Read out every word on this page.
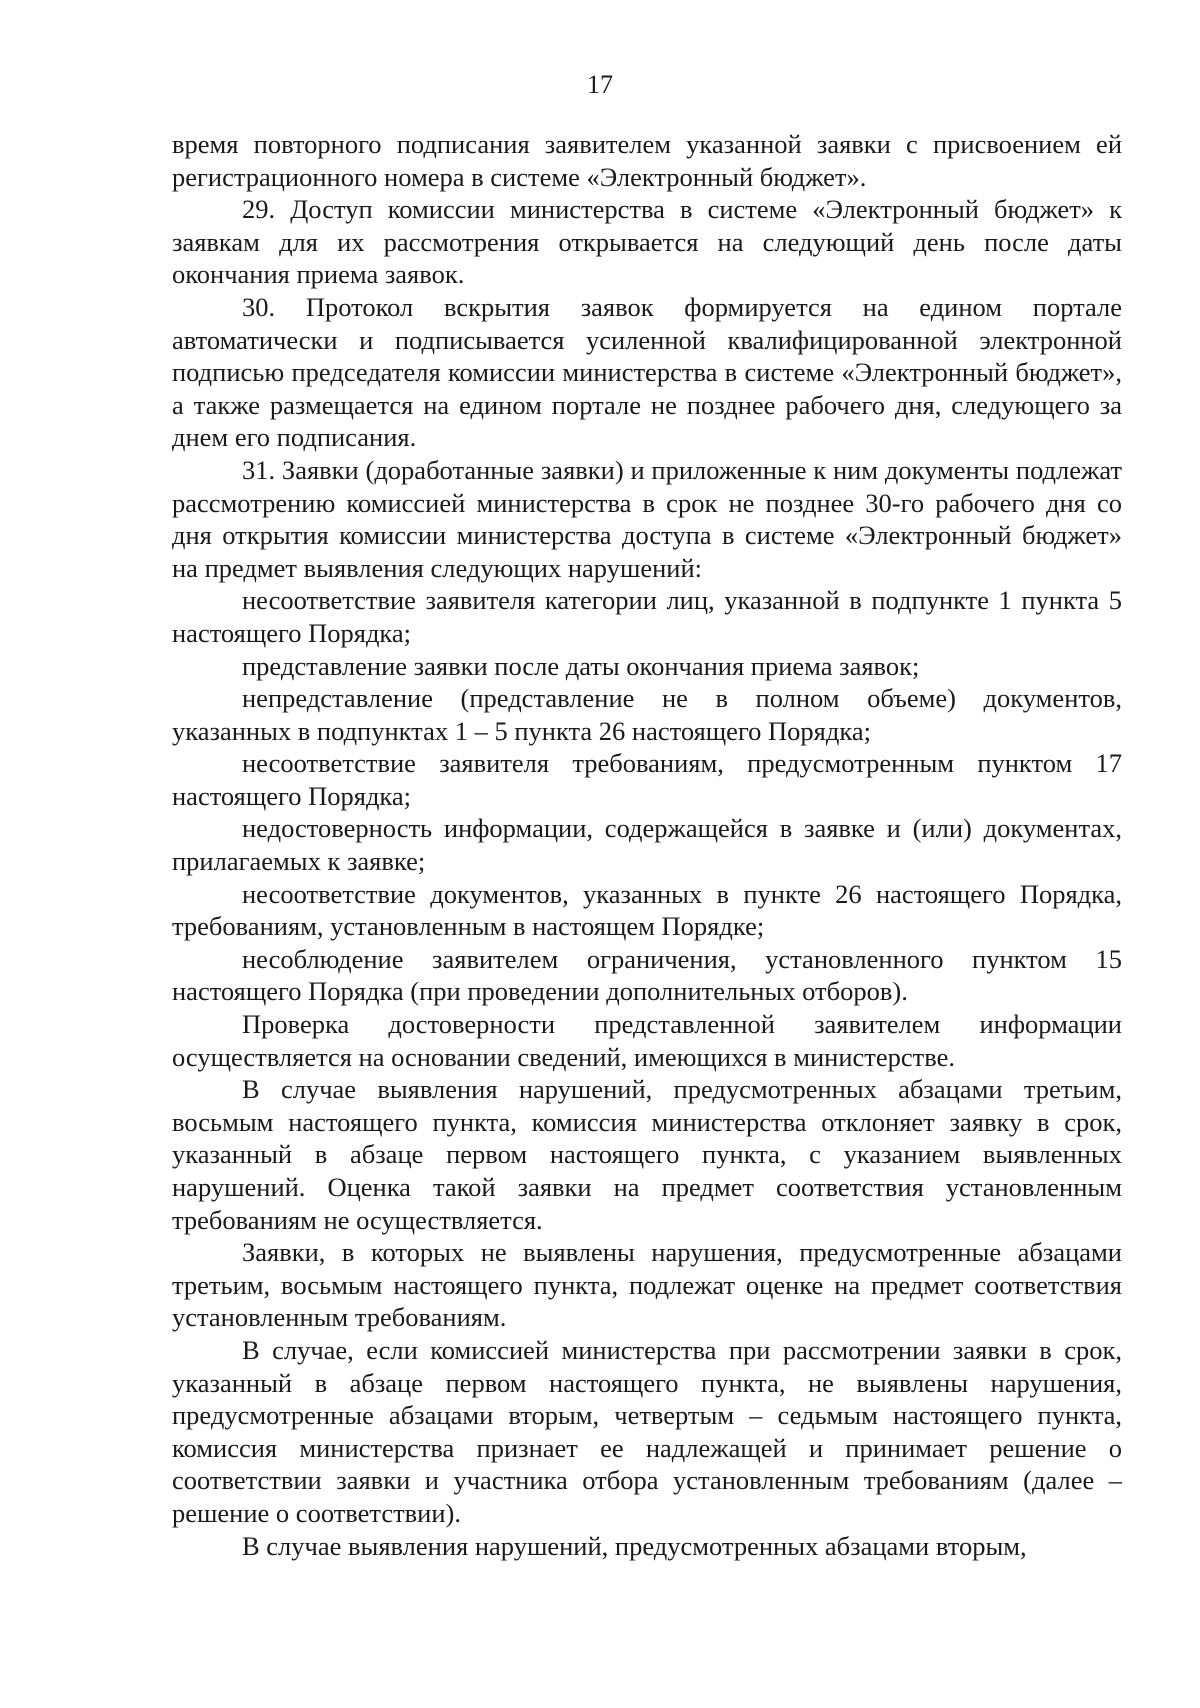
17

время повторного подписания заявителем указанной заявки с присвоением ей регистрационного номера в системе «Электронный бюджет».

29. Доступ комиссии министерства в системе «Электронный бюджет» к заявкам для их рассмотрения открывается на следующий день после даты окончания приема заявок.

30. Протокол вскрытия заявок формируется на едином портале автоматически и подписывается усиленной квалифицированной электронной подписью председателя комиссии министерства в системе «Электронный бюджет», а также размещается на едином портале не позднее рабочего дня, следующего за днем его подписания.

31. Заявки (доработанные заявки) и приложенные к ним документы подлежат рассмотрению комиссией министерства в срок не позднее 30-го рабочего дня со дня открытия комиссии министерства доступа в системе «Электронный бюджет» на предмет выявления следующих нарушений:

несоответствие заявителя категории лиц, указанной в подпункте 1 пункта 5 настоящего Порядка;

представление заявки после даты окончания приема заявок;

непредставление (представление не в полном объеме) документов, указанных в подпунктах 1 – 5 пункта 26 настоящего Порядка;

несоответствие заявителя требованиям, предусмотренным пунктом 17 настоящего Порядка;

недостоверность информации, содержащейся в заявке и (или) документах, прилагаемых к заявке;

несоответствие документов, указанных в пункте 26 настоящего Порядка, требованиям, установленным в настоящем Порядке;

несоблюдение заявителем ограничения, установленного пунктом 15 настоящего Порядка (при проведении дополнительных отборов).

Проверка достоверности представленной заявителем информации осуществляется на основании сведений, имеющихся в министерстве.

В случае выявления нарушений, предусмотренных абзацами третьим, восьмым настоящего пункта, комиссия министерства отклоняет заявку в срок, указанный в абзаце первом настоящего пункта, с указанием выявленных нарушений. Оценка такой заявки на предмет соответствия установленным требованиям не осуществляется.

Заявки, в которых не выявлены нарушения, предусмотренные абзацами третьим, восьмым настоящего пункта, подлежат оценке на предмет соответствия установленным требованиям.

В случае, если комиссией министерства при рассмотрении заявки в срок, указанный в абзаце первом настоящего пункта, не выявлены нарушения, предусмотренные абзацами вторым, четвертым – седьмым настоящего пункта, комиссия министерства признает ее надлежащей и принимает решение о соответствии заявки и участника отбора установленным требованиям (далее – решение о соответствии).

В случае выявления нарушений, предусмотренных абзацами вторым,
